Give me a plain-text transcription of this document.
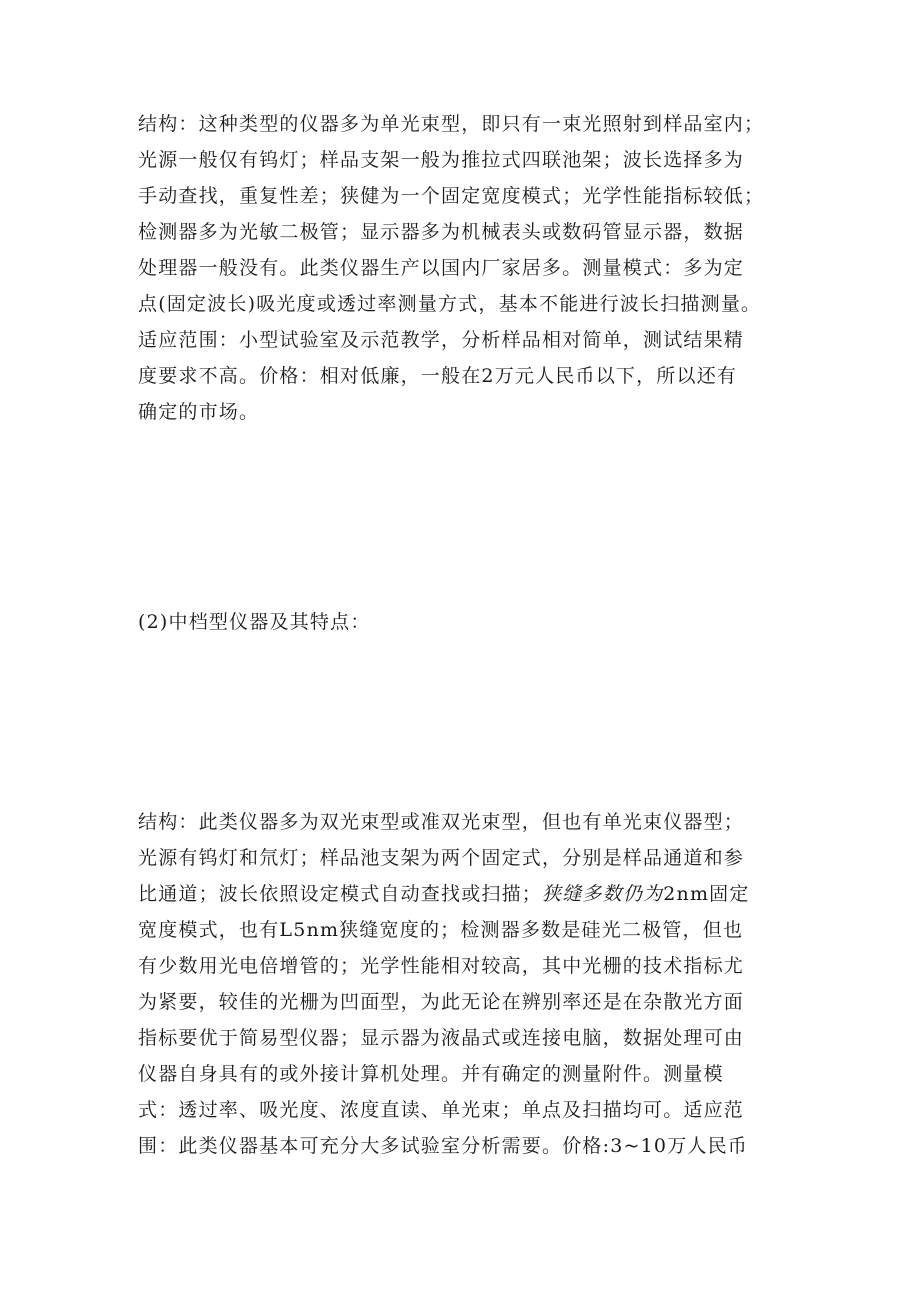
结构：这种类型的仪器多为单光束型，即只有一束光照射到样品室内；
光源一般仅有钨灯；样品支架一般为推拉式四联池架；波长选择多为
手动查找，重复性差；狭健为一个固定宽度模式；光学性能指标较低；
检测器多为光敏二极管；显示器多为机械表头或数码管显示器，数据
处理器一般没有。此类仪器生产以国内厂家居多。测量模式：多为定
点(固定波长)吸光度或透过率测量方式，基本不能进行波长扫描测量。
适应范围：小型试验室及示范教学，分析样品相对简单，测试结果精
度要求不高。价格：相对低廉，一般在2万元人民币以下，所以还有
确定的市场。
(2)中档型仪器及其特点：
结构：此类仪器多为双光束型或准双光束型，但也有单光束仪器型；
光源有钨灯和氘灯；样品池支架为两个固定式，分别是样品通道和参
比通道；波长依照设定模式自动查找或扫描；狭缝多数仍为2nm固定
宽度模式，也有L5nm狭缝宽度的；检测器多数是硅光二极管，但也
有少数用光电倍增管的；光学性能相对较高，其中光栅的技术指标尤
为紧要，较佳的光栅为凹面型，为此无论在辨别率还是在杂散光方面
指标要优于简易型仪器；显示器为液晶式或连接电脑，数据处理可由
仪器自身具有的或外接计算机处理。并有确定的测量附件。测量模
式：透过率、吸光度、浓度直读、单光束；单点及扫描均可。适应范
围：此类仪器基本可充分大多试验室分析需要。价格:3~10万人民币
